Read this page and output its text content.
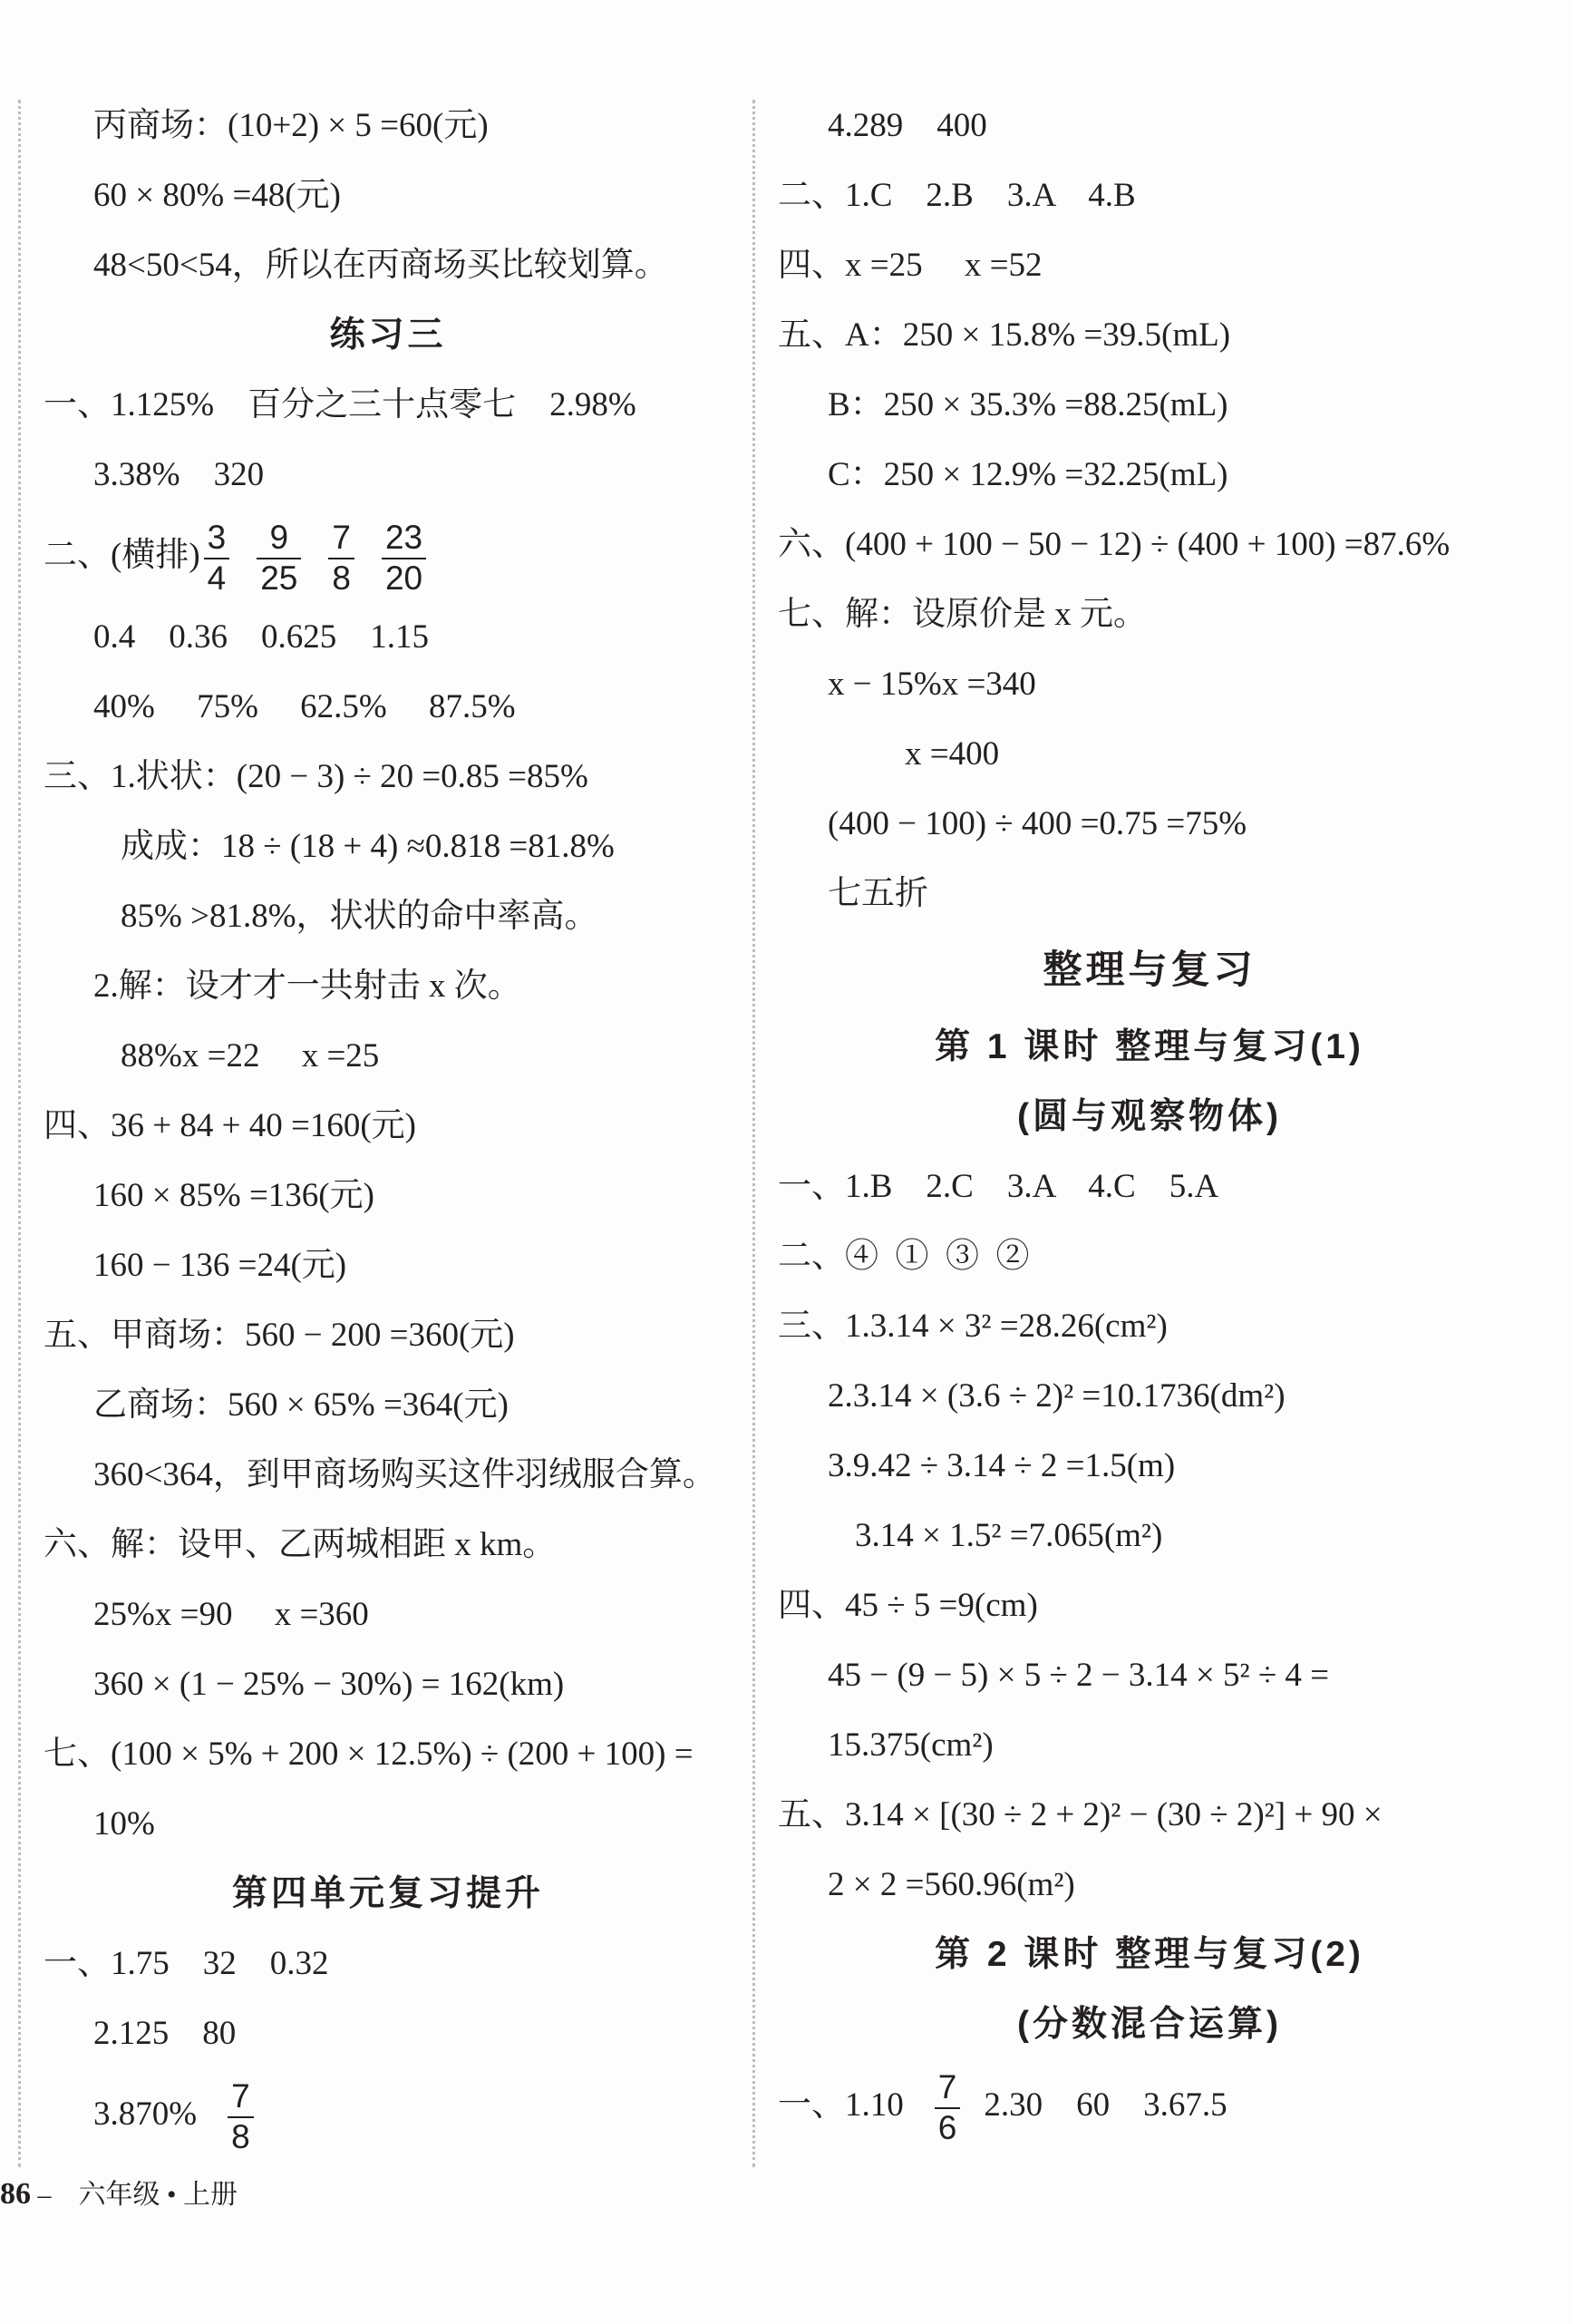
丙商场：(10+2) × 5 =60(元)
60 × 80% =48(元)
48<50<54，所以在丙商场买比较划算。
练习三
一、1.125%    百分之三十点零七    2.98%
3.38%    320
二、(横排) $\frac{3}{4} \frac{9}{25} \frac{7}{8} \frac{23}{20}$
0.4    0.36    0.625    1.15
40%     75%     62.5%     87.5%
三、1.状状：(20 − 3) ÷ 20 =0.85 =85%
成成：18 ÷ (18 + 4) ≈0.818 =81.8%
85% >81.8%，状状的命中率高。
2.解：设才才一共射击 x 次。
88%x =22     x =25
四、36 + 84 + 40 =160(元)
160 × 85% =136(元)
160 − 136 =24(元)
五、甲商场：560 − 200 =360(元)
乙商场：560 × 65% =364(元)
360<364，到甲商场购买这件羽绒服合算。
六、解：设甲、乙两城相距 x km。
25%x =90     x =360
360 × (1 − 25% − 30%) = 162(km)
七、(100 × 5% + 200 × 12.5%) ÷ (200 + 100) =
10%
第四单元复习提升
一、1.75    32    0.32
2.125    80
$3.870\% \frac{7}{8}$
4.289    400
二、1.C    2.B    3.A    4.B
四、x =25     x =52
五、A：250 × 15.8% =39.5(mL)
B：250 × 35.3% =88.25(mL)
C：250 × 12.9% =32.25(mL)
六、(400 + 100 − 50 − 12) ÷ (400 + 100) =87.6%
七、解：设原价是 x 元。
x − 15%x =340
x =400
(400 − 100) ÷ 400 =0.75 =75%
七五折
整理与复习
第 1 课时 整理与复习(1)
(圆与观察物体)
一、1.B    2.C    3.A    4.C    5.A
二、④  ①  ③  ②
三、1.3.14 × 3² =28.26(cm²)
2.3.14 × (3.6 ÷ 2)² =10.1736(dm²)
3.9.42 ÷ 3.14 ÷ 2 =1.5(m)
3.14 × 1.5² =7.065(m²)
四、45 ÷ 5 =9(cm)
45 − (9 − 5) × 5 ÷ 2 − 3.14 × 5² ÷ 4 =
15.375(cm²)
五、3.14 × [(30 ÷ 2 + 2)² − (30 ÷ 2)²] + 90 ×
2 × 2 =560.96(m²)
第 2 课时 整理与复习(2)
(分数混合运算)
一、$1.10 \frac{7}{6} 2.30$    60    3.67.5
86 – 六年级 • 上册
